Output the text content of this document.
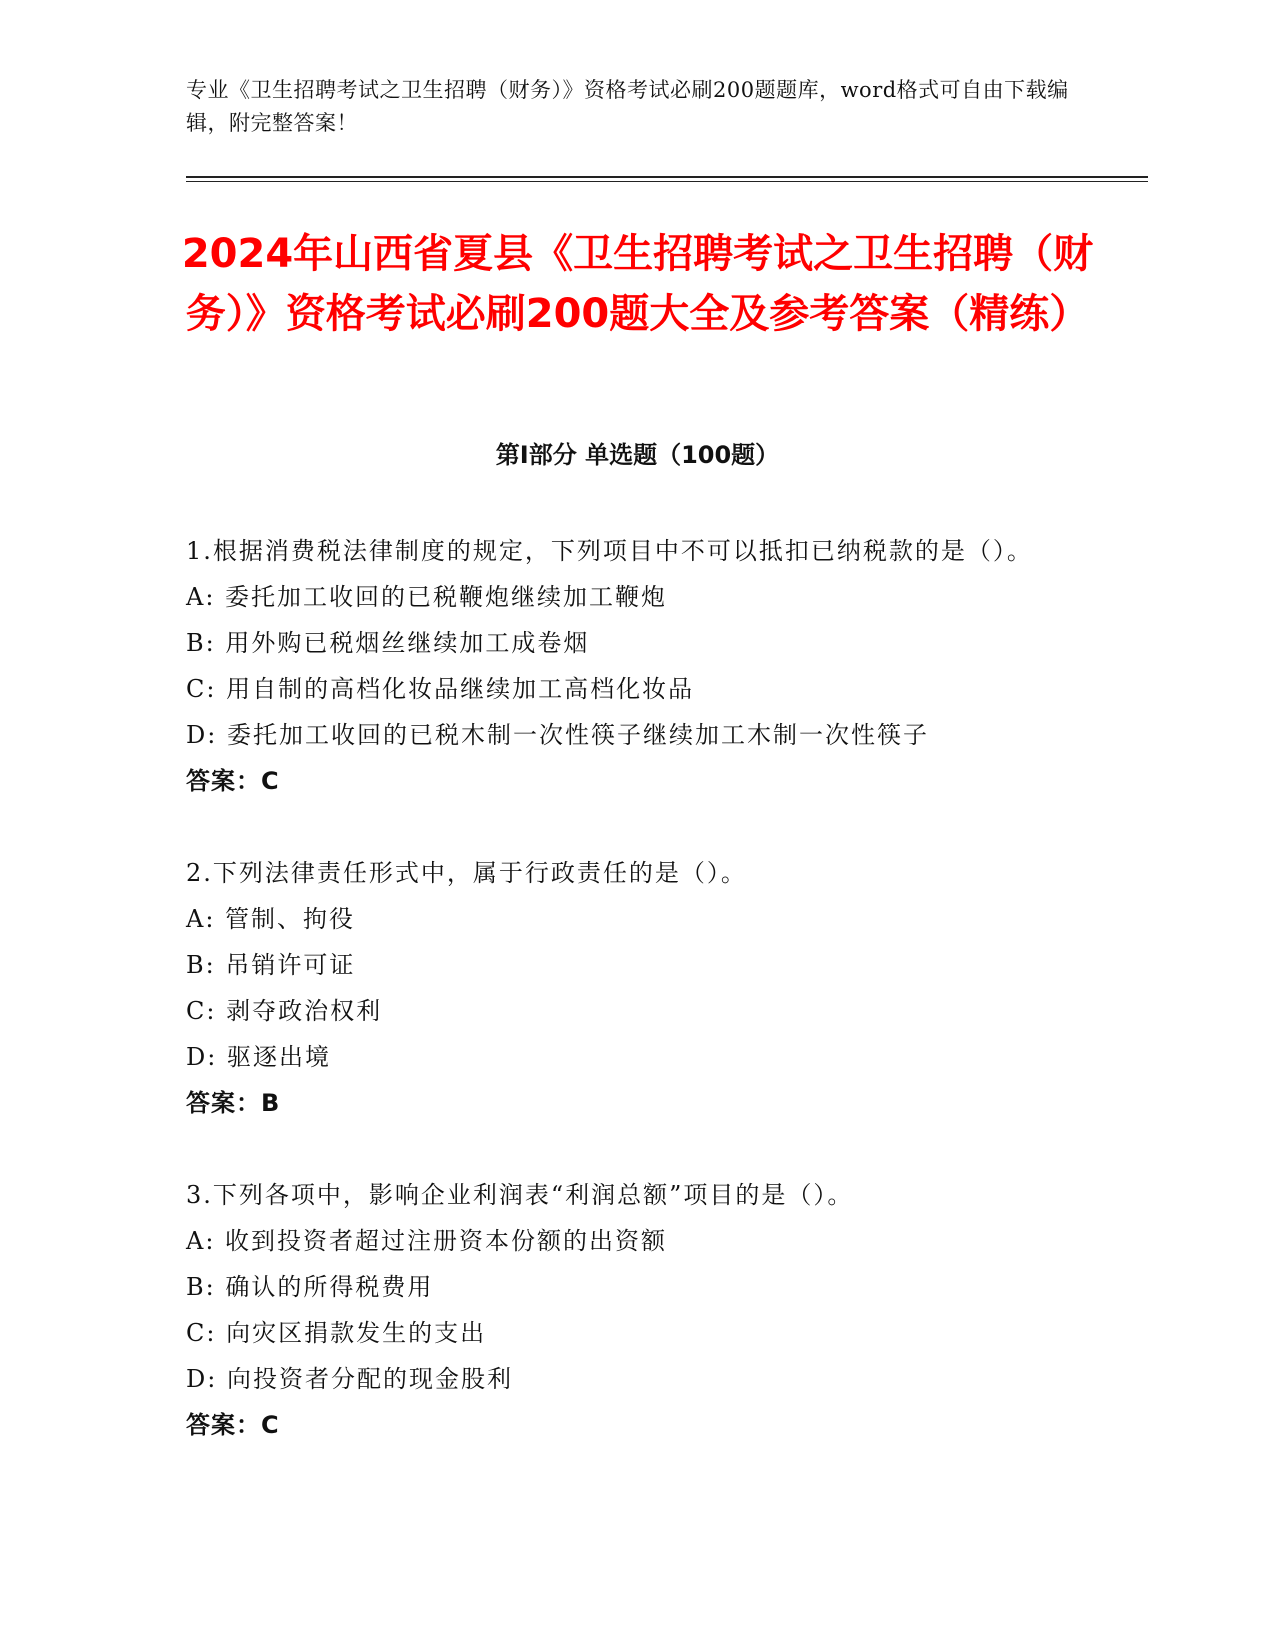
专业《卫生招聘考试之卫生招聘（财务）》资格考试必刷200题题库，word格式可自由下载编辑，附完整答案！
2024年山西省夏县《卫生招聘考试之卫生招聘（财务）》资格考试必刷200题大全及参考答案（精练）
第I部分 单选题（100题）
1.根据消费税法律制度的规定，下列项目中不可以抵扣已纳税款的是（）。
A: 委托加工收回的已税鞭炮继续加工鞭炮
B: 用外购已税烟丝继续加工成卷烟
C: 用自制的高档化妆品继续加工高档化妆品
D: 委托加工收回的已税木制一次性筷子继续加工木制一次性筷子
答案：C
2.下列法律责任形式中，属于行政责任的是（）。
A: 管制、拘役
B: 吊销许可证
C: 剥夺政治权利
D: 驱逐出境
答案：B
3.下列各项中，影响企业利润表“利润总额”项目的是（）。
A: 收到投资者超过注册资本份额的出资额
B: 确认的所得税费用
C: 向灾区捐款发生的支出
D: 向投资者分配的现金股利
答案：C
